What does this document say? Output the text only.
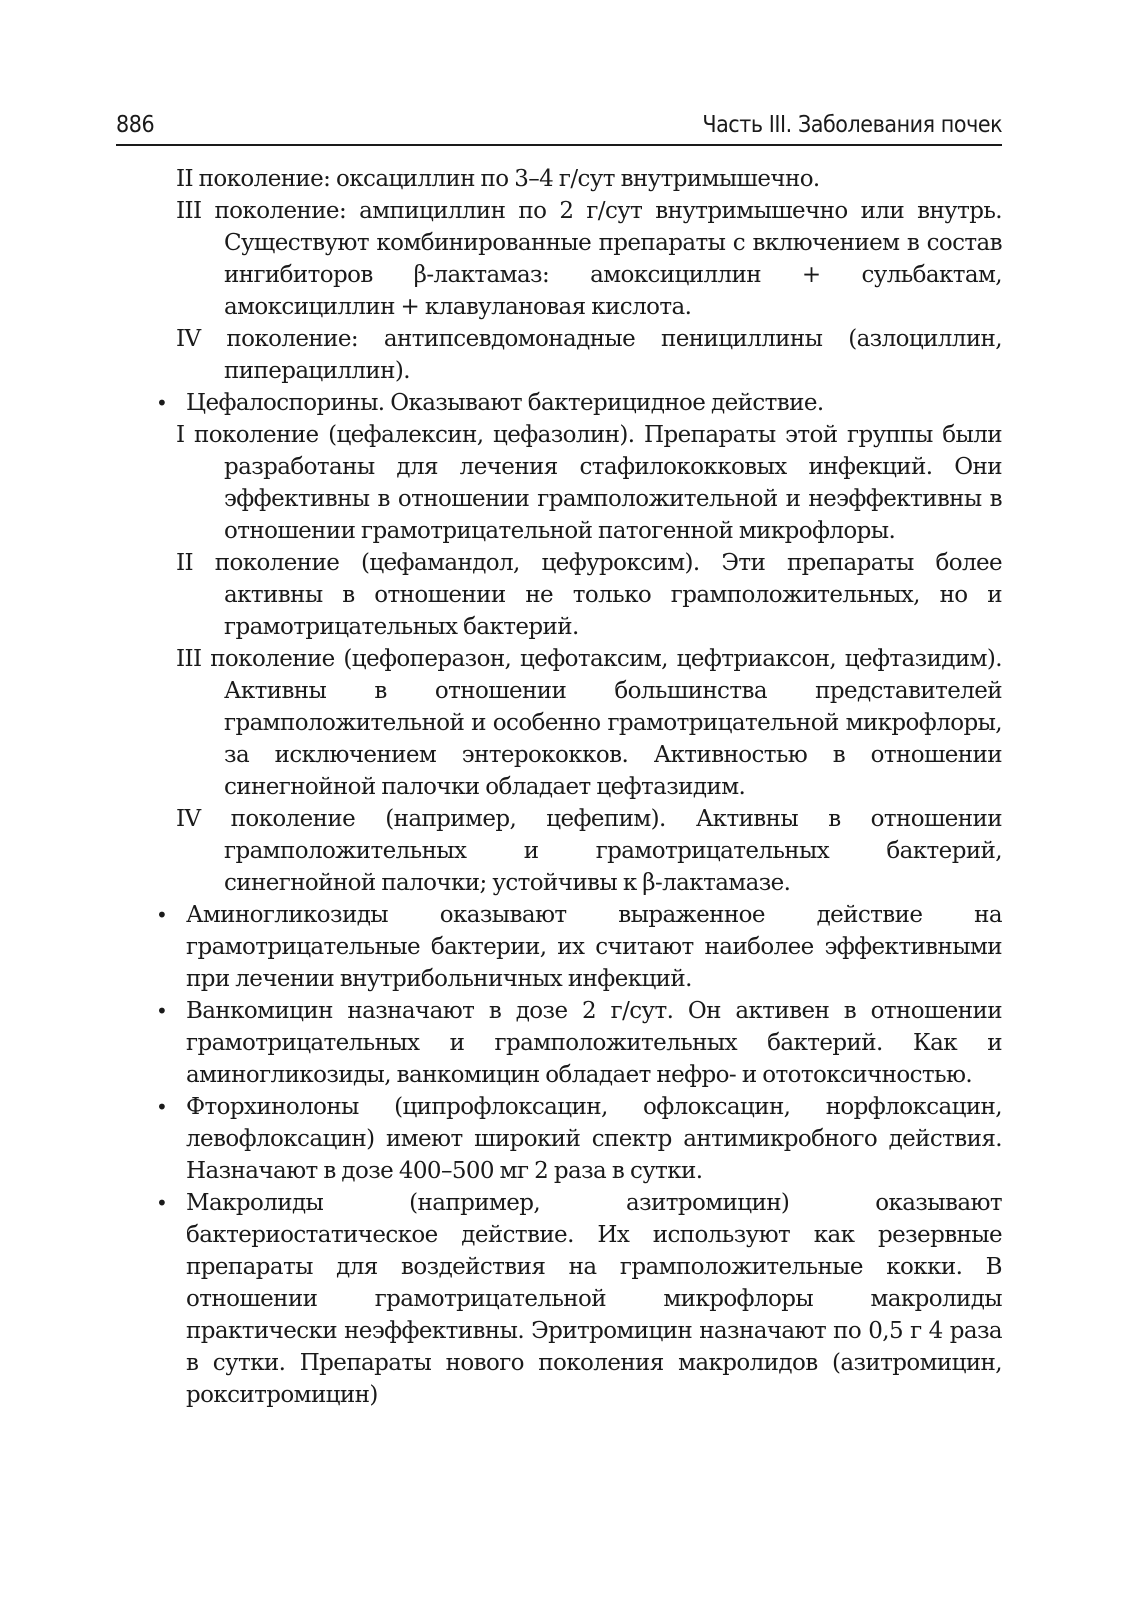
886	Часть III. Заболевания почек

II поколение: оксациллин по 3–4 г/сут внутримышечно.

III поколение: ампициллин по 2 г/сут внутримышечно или внутрь. Существуют комбинированные препараты с включением в состав ингибиторов β-лактамаз: амоксициллин + сульбактам, амоксициллин + клавулановая кислота.

IV поколение: антипсевдомонадные пенициллины (азлоциллин, пиперациллин).

• Цефалоспорины. Оказывают бактерицидное действие.

I поколение (цефалексин, цефазолин). Препараты этой группы были разработаны для лечения стафилококковых инфекций. Они эффективны в отношении грамположительной и неэффективны в отношении грамотрицательной патогенной микрофлоры.

II поколение (цефамандол, цефуроксим). Эти препараты более активны в отношении не только грамположительных, но и грамотрицательных бактерий.

III поколение (цефоперазон, цефотаксим, цефтриаксон, цефтазидим). Активны в отношении большинства представителей грамположительной и особенно грамотрицательной микрофлоры, за исключением энтерококков. Активностью в отношении синегнойной палочки обладает цефтазидим.

IV поколение (например, цефепим). Активны в отношении грамположительных и грамотрицательных бактерий, синегнойной палочки; устойчивы к β-лактамазе.

• Аминогликозиды оказывают выраженное действие на грамотрицательные бактерии, их считают наиболее эффективными при лечении внутрибольничных инфекций.
• Ванкомицин назначают в дозе 2 г/сут. Он активен в отношении грамотрицательных и грамположительных бактерий. Как и аминогликозиды, ванкомицин обладает нефро- и ототоксичностью.
• Фторхинолоны (ципрофлоксацин, офлоксацин, норфлоксацин, левофлоксацин) имеют широкий спектр антимикробного действия. Назначают в дозе 400–500 мг 2 раза в сутки.
• Макролиды (например, азитромицин) оказывают бактериостатическое действие. Их используют как резервные препараты для воздействия на грамположительные кокки. В отношении грамотрицательной микрофлоры макролиды практически неэффективны. Эритромицин назначают по 0,5 г 4 раза в сутки. Препараты нового поколения макролидов (азитромицин, рокситромицин)
